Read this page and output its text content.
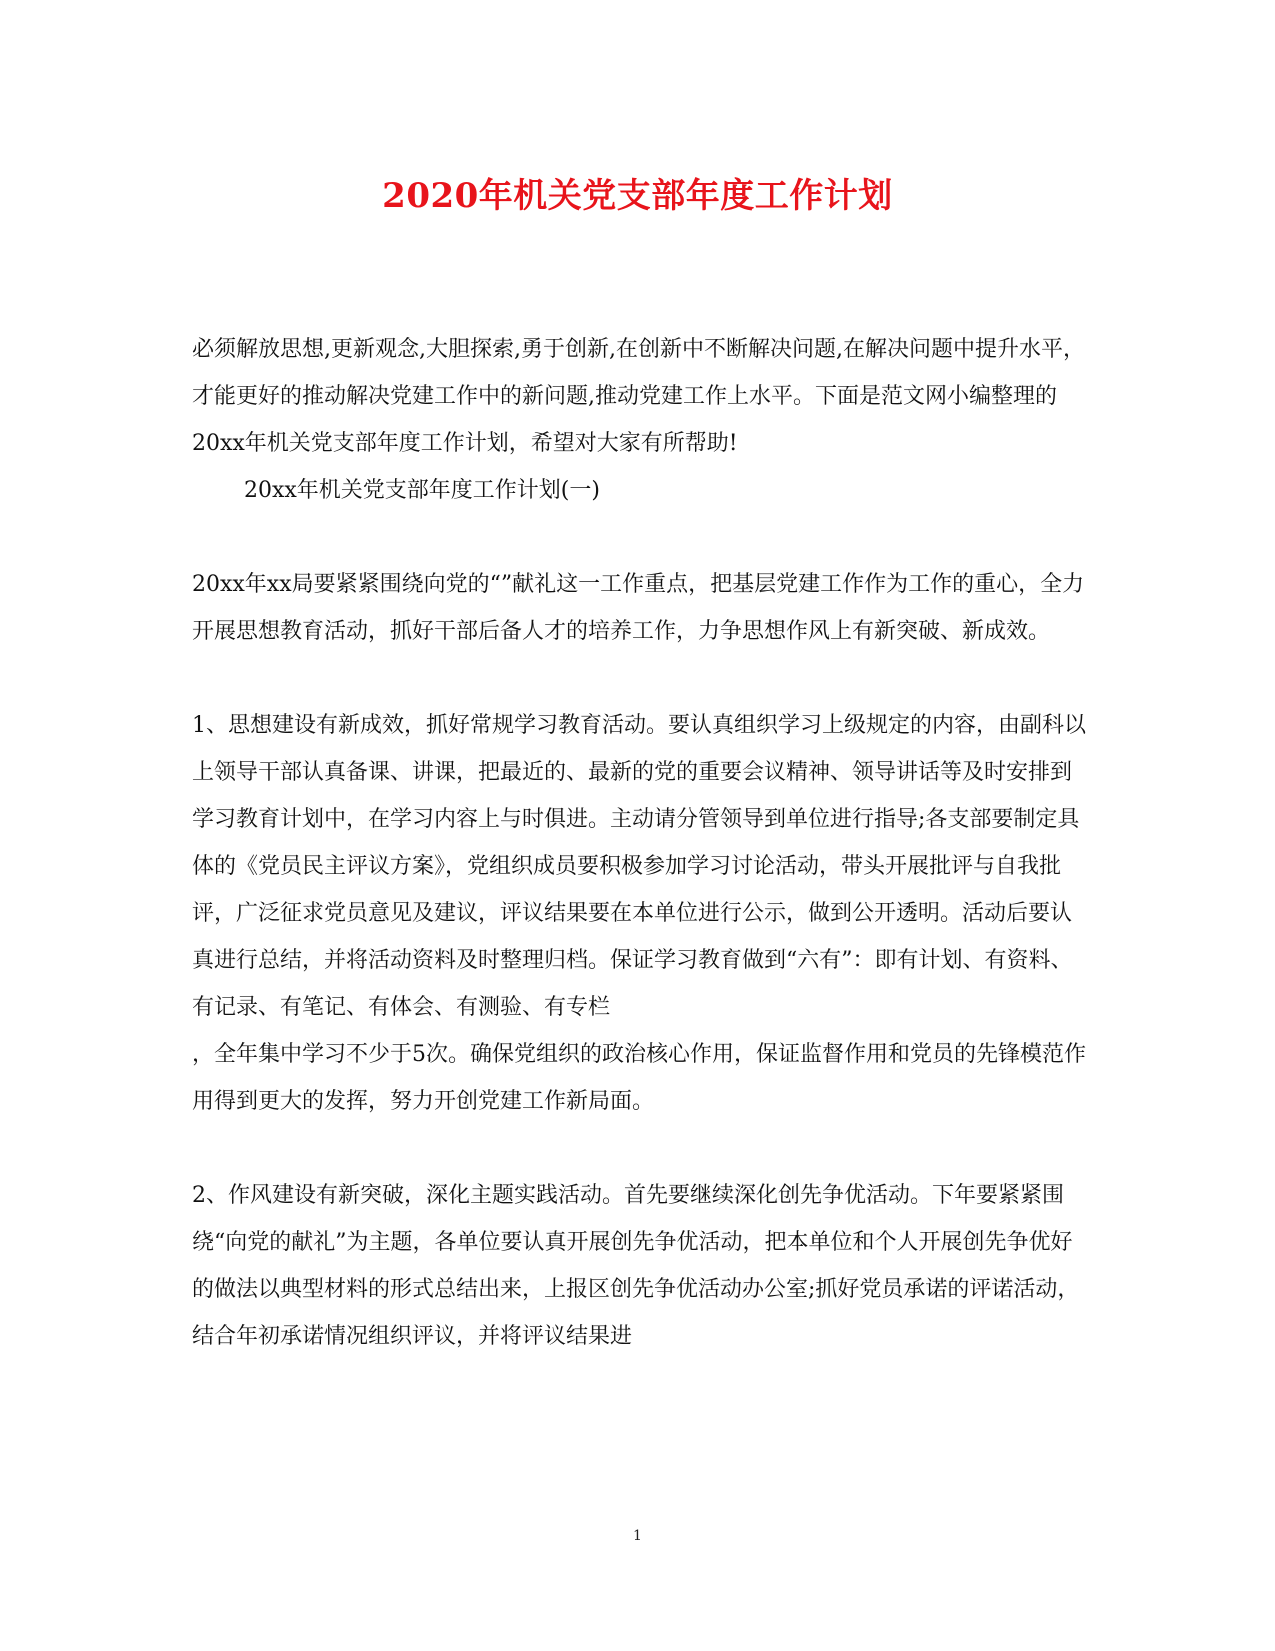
2020年机关党支部年度工作计划

必须解放思想,更新观念,大胆探索,勇于创新,在创新中不断解决问题,在解决问题中提升水平，才能更好的推动解决党建工作中的新问题,推动党建工作上水平。下面是范文网小编整理的20xx年机关党支部年度工作计划，希望对大家有所帮助!

20xx年机关党支部年度工作计划(一)

20xx年xx局要紧紧围绕向党的“”献礼这一工作重点，把基层党建工作作为工作的重心，全力开展思想教育活动，抓好干部后备人才的培养工作，力争思想作风上有新突破、新成效。

1、思想建设有新成效，抓好常规学习教育活动。要认真组织学习上级规定的内容，由副科以上领导干部认真备课、讲课，把最近的、最新的党的重要会议精神、领导讲话等及时安排到学习教育计划中，在学习内容上与时俱进。主动请分管领导到单位进行指导;各支部要制定具体的《党员民主评议方案》，党组织成员要积极参加学习讨论活动，带头开展批评与自我批评，广泛征求党员意见及建议，评议结果要在本单位进行公示，做到公开透明。活动后要认真进行总结，并将活动资料及时整理归档。保证学习教育做到“六有”：即有计划、有资料、有记录、有笔记、有体会、有测验、有专栏

，全年集中学习不少于5次。确保党组织的政治核心作用，保证监督作用和党员的先锋模范作用得到更大的发挥，努力开创党建工作新局面。

2、作风建设有新突破，深化主题实践活动。首先要继续深化创先争优活动。下年要紧紧围绕“向党的献礼”为主题，各单位要认真开展创先争优活动，把本单位和个人开展创先争优好的做法以典型材料的形式总结出来，上报区创先争优活动办公室;抓好党员承诺的评诺活动，结合年初承诺情况组织评议，并将评议结果进

1
